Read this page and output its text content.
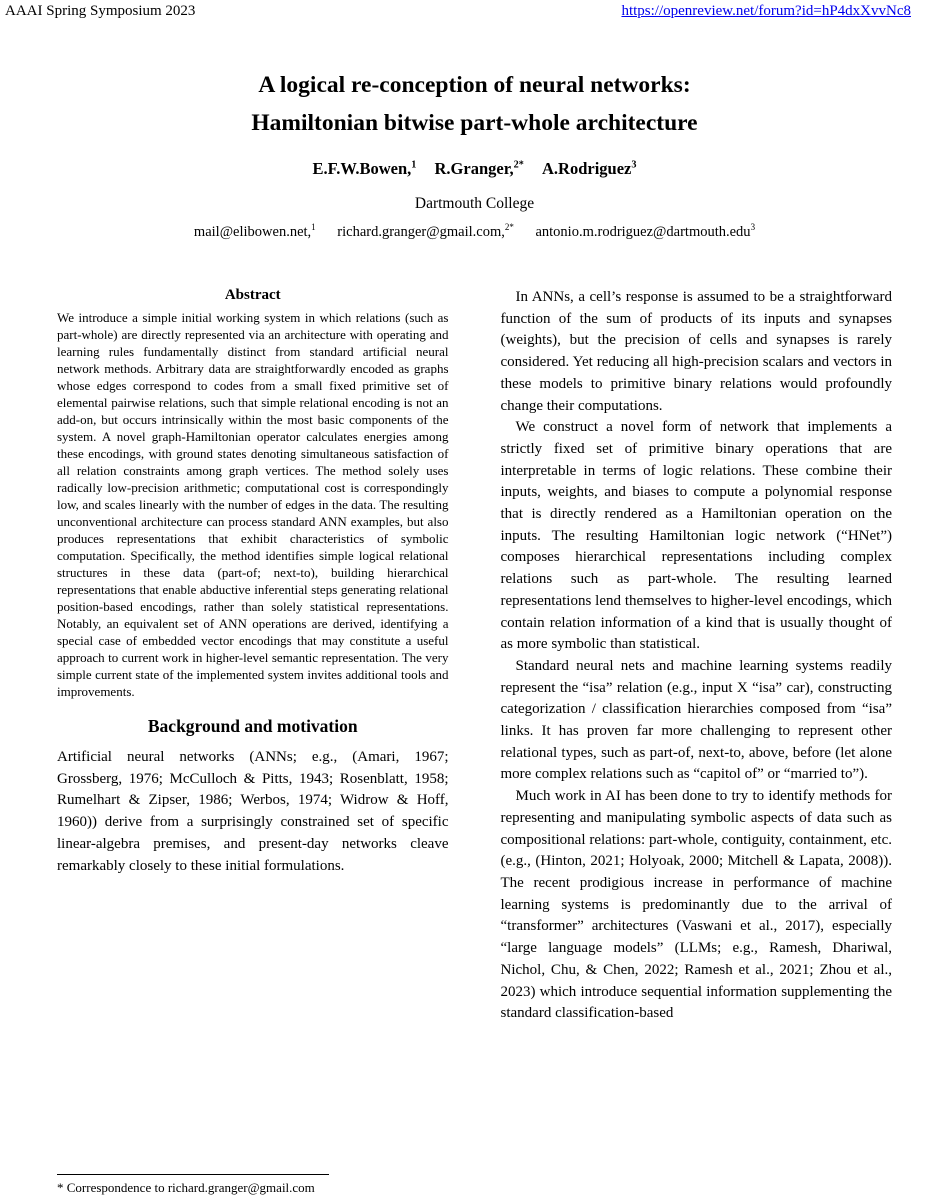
AAAI Spring Symposium 2023	https://openreview.net/forum?id=hP4dxXvvNc8
A logical re-conception of neural networks:
Hamiltonian bitwise part-whole architecture
E.F.W.Bowen,$^1$ R.Granger,$^{2*}$ A.Rodriguez$^3$
Dartmouth College
mail@elibowen.net,$^1$ richard.granger@gmail.com,$^{2*}$ antonio.m.rodriguez@dartmouth.edu$^3$
Abstract

We introduce a simple initial working system in which relations (such as part-whole) are directly represented via an architecture with operating and learning rules fundamentally distinct from standard artificial neural network methods. Arbitrary data are straightforwardly encoded as graphs whose edges correspond to codes from a small fixed primitive set of elemental pairwise relations, such that simple relational encoding is not an add-on, but occurs intrinsically within the most basic components of the system. A novel graph-Hamiltonian operator calculates energies among these encodings, with ground states denoting simultaneous satisfaction of all relation constraints among graph vertices. The method solely uses radically low-precision arithmetic; computational cost is correspondingly low, and scales linearly with the number of edges in the data. The resulting unconventional architecture can process standard ANN examples, but also produces representations that exhibit characteristics of symbolic computation. Specifically, the method identifies simple logical relational structures in these data (part-of; next-to), building hierarchical representations that enable abductive inferential steps generating relational position-based encodings, rather than solely statistical representations. Notably, an equivalent set of ANN operations are derived, identifying a special case of embedded vector encodings that may constitute a useful approach to current work in higher-level semantic representation. The very simple current state of the implemented system invites additional tools and improvements.

Background and motivation

Artificial neural networks (ANNs; e.g., (Amari, 1967; Grossberg, 1976; McCulloch & Pitts, 1943; Rosenblatt, 1958; Rumelhart & Zipser, 1986; Werbos, 1974; Widrow & Hoff, 1960)) derive from a surprisingly constrained set of specific linear-algebra premises, and present-day networks cleave remarkably closely to these initial formulations.

In ANNs, a cell’s response is assumed to be a straightforward function of the sum of products of its inputs and synapses (weights), but the precision of cells and synapses is rarely considered. Yet reducing all high-precision scalars and vectors in these models to primitive binary relations would profoundly change their computations.

We construct a novel form of network that implements a strictly fixed set of primitive binary operations that are interpretable in terms of logic relations. These combine their inputs, weights, and biases to compute a polynomial response that is directly rendered as a Hamiltonian operation on the inputs. The resulting Hamiltonian logic network (“HNet”) composes hierarchical representations including complex relations such as part-whole. The resulting learned representations lend themselves to higher-level encodings, which contain relation information of a kind that is usually thought of as more symbolic than statistical.

Standard neural nets and machine learning systems readily represent the “isa” relation (e.g., input X “isa” car), constructing categorization / classification hierarchies composed from “isa” links. It has proven far more challenging to represent other relational types, such as part-of, next-to, above, before (let alone more complex relations such as “capitol of” or “married to”).

Much work in AI has been done to try to identify methods for representing and manipulating symbolic aspects of data such as compositional relations: part-whole, contiguity, containment, etc. (e.g., (Hinton, 2021; Holyoak, 2000; Mitchell & Lapata, 2008)). The recent prodigious increase in performance of machine learning systems is predominantly due to the arrival of “transformer” architectures (Vaswani et al., 2017), especially “large language models” (LLMs; e.g., Ramesh, Dhariwal, Nichol, Chu, & Chen, 2022; Ramesh et al., 2021; Zhou et al., 2023) which introduce sequential information supplementing the standard classification-based

* Correspondence to richard.granger@gmail.com
